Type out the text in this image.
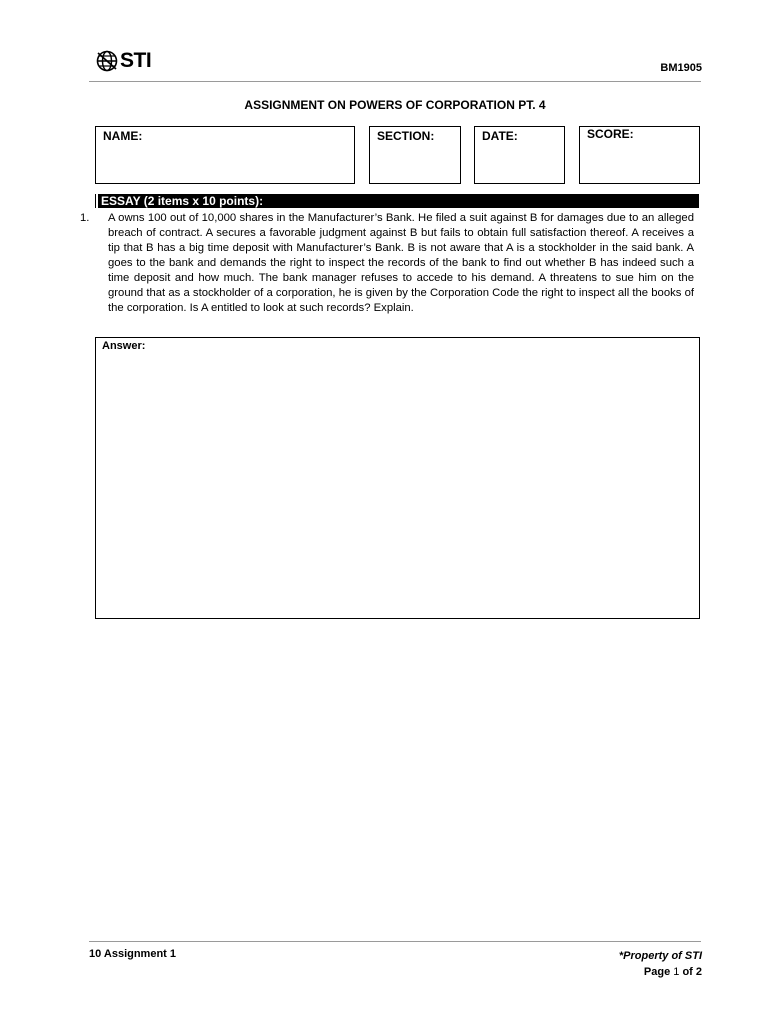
STI	BM1905
ASSIGNMENT ON POWERS OF CORPORATION PT. 4
NAME:	SECTION:	DATE:	SCORE:
ESSAY (2 items x 10 points):

1. A owns 100 out of 10,000 shares in the Manufacturer’s Bank. He filed a suit against B for damages due to an alleged breach of contract. A secures a favorable judgment against B but fails to obtain full satisfaction thereof. A receives a tip that B has a big time deposit with Manufacturer’s Bank. B is not aware that A is a stockholder in the said bank. A goes to the bank and demands the right to inspect the records of the bank to find out whether B has indeed such a time deposit and how much. The bank manager refuses to accede to his demand. A threatens to sue him on the ground that as a stockholder of a corporation, he is given by the Corporation Code the right to inspect all the books of the corporation. Is A entitled to look at such records? Explain.

Answer:
10 Assignment 1	*Property of STI
Page 1 of 2
